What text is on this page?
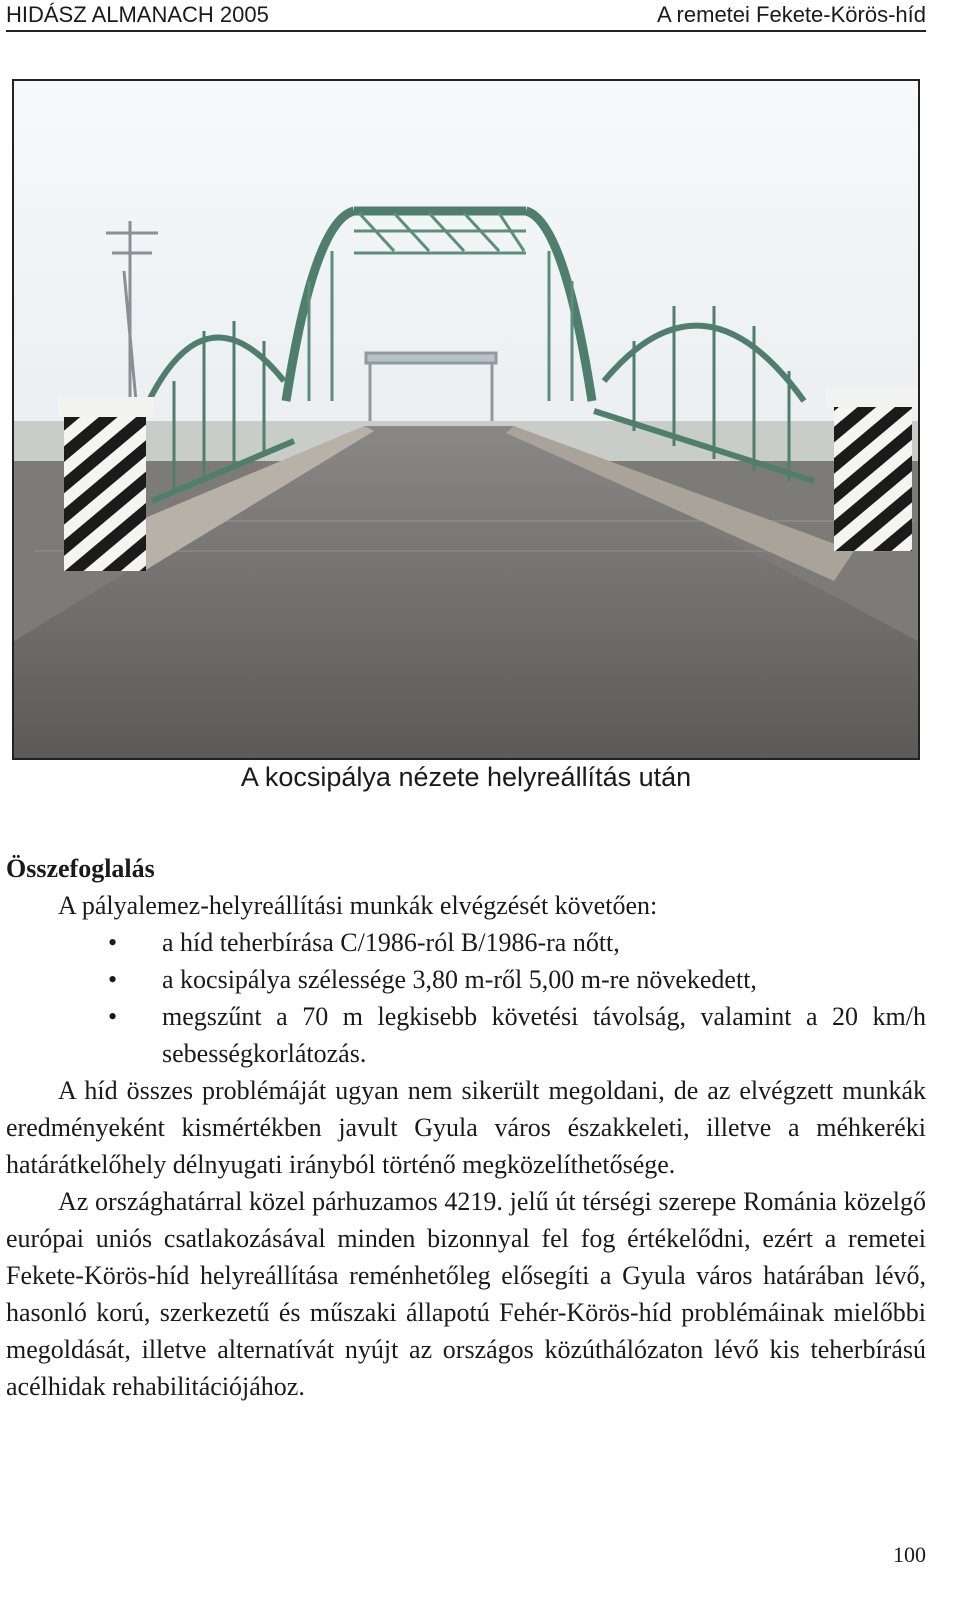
HIDÁSZ ALMANACH 2005	A remetei Fekete-Körös-híd
A kocsipálya nézete helyreállítás után

Összefoglalás

A pályalemez-helyreállítási munkák elvégzését követően:

• a híd teherbírása C/1986-ról B/1986-ra nőtt,
• a kocsipálya szélessége 3,80 m-ről 5,00 m-re növekedett,
• megszűnt a 70 m legkisebb követési távolság, valamint a 20 km/h sebességkorlátozás.

A híd összes problémáját ugyan nem sikerült megoldani, de az elvégzett munkák eredményeként kismértékben javult Gyula város északkeleti, illetve a méhkeréki határátkelőhely délnyugati irányból történő megközelíthetősége.

Az országhatárral közel párhuzamos 4219. jelű út térségi szerepe Románia közelgő európai uniós csatlakozásával minden bizonnyal fel fog értékelődni, ezért a remetei Fekete-Körös-híd helyreállítása reménhetőleg elősegíti a Gyula város határában lévő, hasonló korú, szerkezetű és műszaki állapotú Fehér-Körös-híd problémáinak mielőbbi megoldását, illetve alternatívát nyújt az országos közúthálózaton lévő kis teherbírású acélhidak rehabilitációjához.

100
